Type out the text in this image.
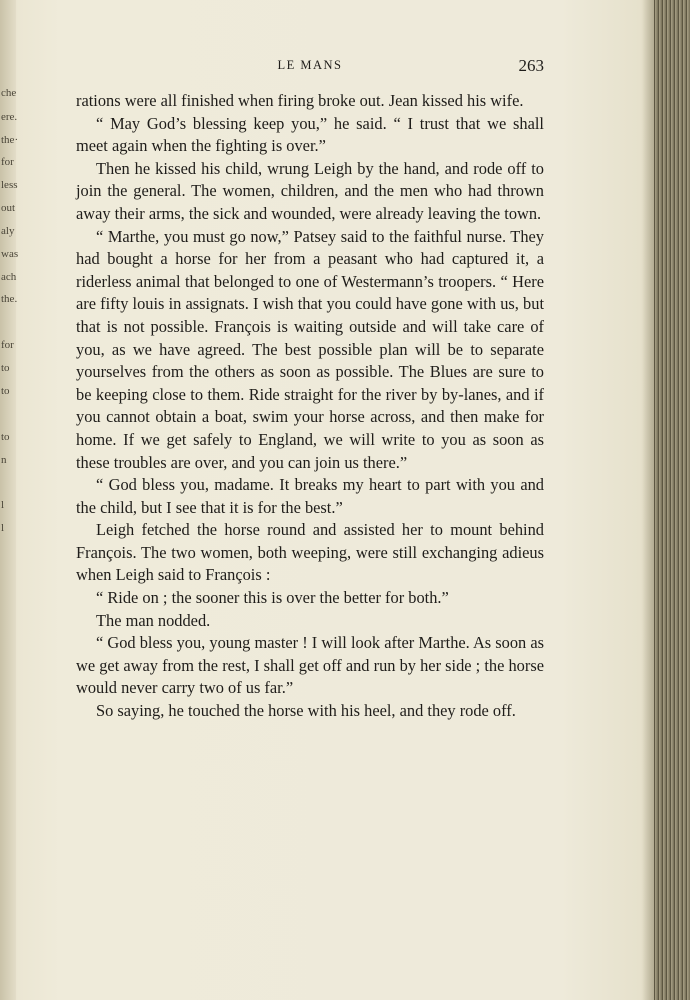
che
ere.
the·
for
less
out
aly
was
ach
the.
for
to
to
to
n
l
l
LE MANS	263

rations were all finished when firing broke out. Jean kissed his wife.

“ May God’s blessing keep you,” he said. “ I trust that we shall meet again when the fighting is over.”

Then he kissed his child, wrung Leigh by the hand, and rode off to join the general. The women, children, and the men who had thrown away their arms, the sick and wounded, were already leaving the town.

“ Marthe, you must go now,” Patsey said to the faithful nurse. They had bought a horse for her from a peasant who had captured it, a riderless animal that belonged to one of Westermann’s troopers. “ Here are fifty louis in assignats. I wish that you could have gone with us, but that is not possible. François is waiting outside and will take care of you, as we have agreed. The best possible plan will be to separate yourselves from the others as soon as possible. The Blues are sure to be keeping close to them. Ride straight for the river by by-lanes, and if you cannot obtain a boat, swim your horse across, and then make for home. If we get safely to England, we will write to you as soon as these troubles are over, and you can join us there.”

“ God bless you, madame. It breaks my heart to part with you and the child, but I see that it is for the best.”

Leigh fetched the horse round and assisted her to mount behind François. The two women, both weeping, were still exchanging adieus when Leigh said to François :

“ Ride on ; the sooner this is over the better for both.”

The man nodded.

“ God bless you, young master ! I will look after Marthe. As soon as we get away from the rest, I shall get off and run by her side ; the horse would never carry two of us far.”

So saying, he touched the horse with his heel, and they rode off.
